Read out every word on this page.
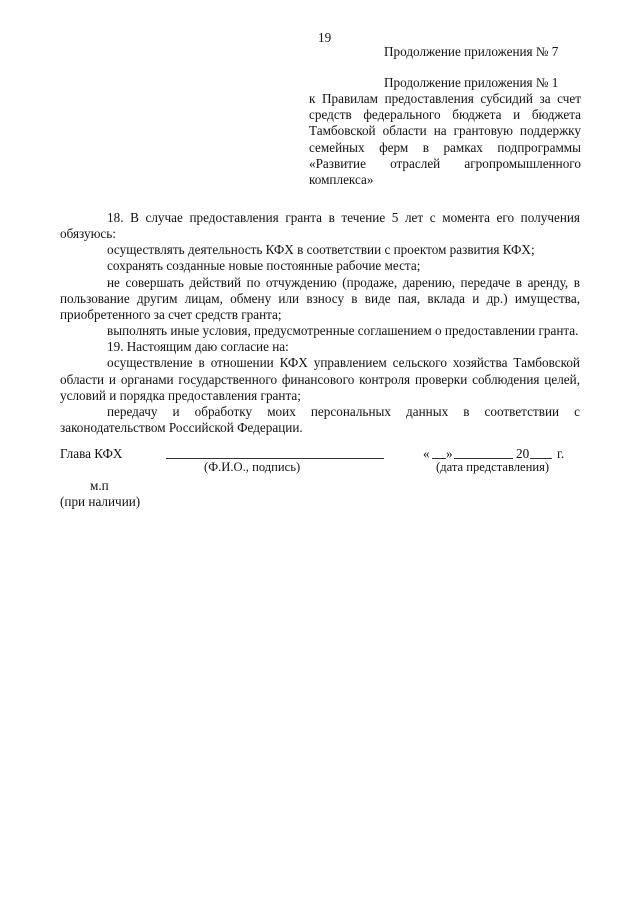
19
Продолжение приложения № 7
Продолжение приложения № 1
к Правилам предоставления субсидий за счет
средств федерального бюджета и бюджета
Тамбовской области на грантовую поддержку
семейных ферм в рамках подпрограммы
«Развитие отраслей агропромышленного
комплекса»
18. В случае предоставления гранта в течение 5 лет с момента его получения
обязуюсь:
осуществлять деятельность КФХ в соответствии с проектом развития КФХ;
сохранять созданные новые постоянные рабочие места;
не совершать действий по отчуждению (продаже, дарению, передаче в аренду, в
пользование другим лицам, обмену или взносу в виде пая, вклада и др.) имущества,
приобретенного за счет средств гранта;
выполнять иные условия, предусмотренные соглашением о предоставлении гранта.
19. Настоящим даю согласие на:
осуществление в отношении КФХ управлением сельского хозяйства Тамбовской
области и органами государственного финансового контроля проверки соблюдения целей,
условий и порядка предоставления гранта;
передачу и обработку моих персональных данных в соответствии с
законодательством Российской Федерации.
Глава КФХ
(Ф.И.О., подпись)
« »	20 г.
(дата представления)
м.п
(при наличии)
